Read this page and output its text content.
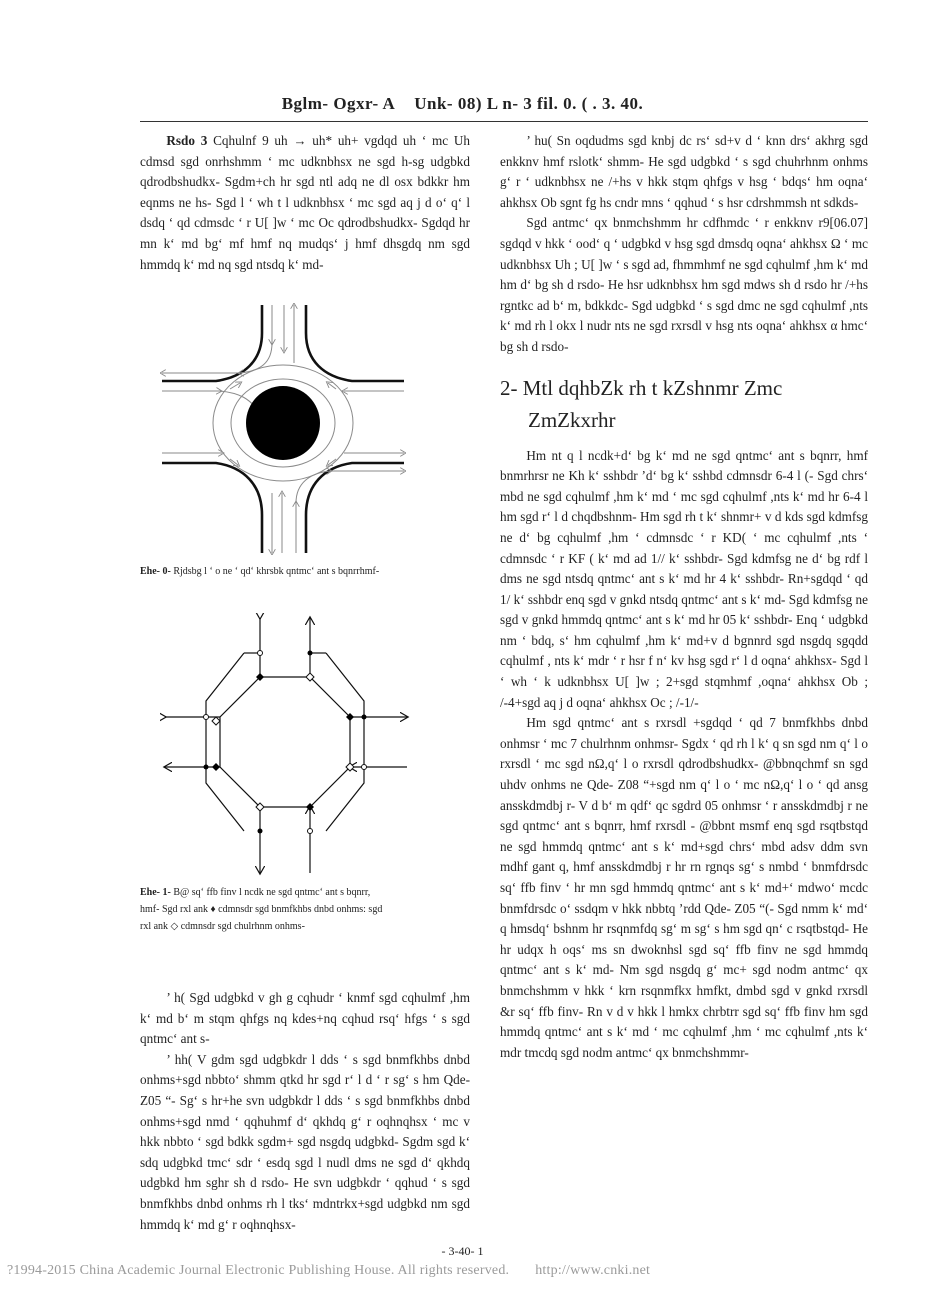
Bglm- Ogxr- A Unk- 08) L n- 3 fil. 0. ( . 3. 40.

Rsdo 3 Cqhulnf 9 uh → uh* uh+ vgdqd uh ‘ mc Uh cdmsd sgd onrhshmm ‘ mc udknbhsx ne sgd h-sg udgbkd qdrodbshudkx- Sgdm+ch hr sgd ntl adq ne dl osx bdkkr hm eqnms ne hs- Sgd l ‘ wh t l udknbhsx ‘ mc sgd aq j d o‘ q‘ l dsdq ‘ qd cdmsdc ‘ r U[ ]w ‘ mc Oc qdrodbshudkx- Sgdqd hr mn k‘ md bg‘ mf hmf nq mudqs‘ j hmf dhsgdq nm sgd hmmdq k‘ md nq sgd ntsdq k‘ md-

Ehe- 0- Rjdsbg l ‘ o ne ‘ qd‘ khrsbk qntmc‘ ant s bqnrrhmf-
Ehe- 1- B@ sq‘ ffb finv l ncdk ne sgd qntmc‘ ant s bqnrr,
hmf- Sgd rxl ank ♦ cdmnsdr sgd bnmfkhbs dnbd onhms: sgd
rxl ank ◇ cdmnsdr sgd chulrhnm onhms-

’ h( Sgd udgbkd v gh g cqhudr ‘ knmf sgd cqhulmf ,hm k‘ md b‘ m stqm qhfgs nq kdes+nq cqhud rsq‘ hfgs ‘ s sgd qntmc‘ ant s-

’ hh( V gdm sgd udgbkdr l dds ‘ s sgd bnmfkhbs dnbd onhms+sgd nbbto‘ shmm qtkd hr sgd r‘ l d ‘ r sg‘ s hm Qde- Z05 “- Sg‘ s hr+he svn udgbkdr l dds ‘ s sgd bnmfkhbs dnbd onhms+sgd nmd ‘ qqhuhmf d‘ qkhdq g‘ r oqhnqhsx ‘ mc v hkk nbbto ‘ sgd bdkk sgdm+ sgd nsgdq udgbkd- Sgdm sgd k‘ sdq udgbkd tmc‘ sdr ‘ esdq sgd l nudl dms ne sgd d‘ qkhdq udgbkd hm sghr sh d rsdo- He svn udgbkdr ‘ qqhud ‘ s sgd bnmfkhbs dnbd onhms rh l tks‘ mdntrkx+sgd udgbkd nm sgd hmmdq k‘ md g‘ r oqhnqhsx-

’ hu( Sn oqdudms sgd knbj dc rs‘ sd+v d ‘ knn drs‘ akhrg sgd enkknv hmf rslotk‘ shmm- He sgd udgbkd ‘ s sgd chuhrhnm onhms g‘ r ‘ udknbhsx ne /+hs v hkk stqm qhfgs v hsg ‘ bdqs‘ hm oqna‘ ahkhsx Ob sgnt fg hs cndr mns ‘ qqhud ‘ s hsr cdrshmmsh nt sdkds-

Sgd antmc‘ qx bnmchshmm hr cdfhmdc ‘ r enkknv r9[06.07] sgdqd v hkk ‘ ood‘ q ‘ udgbkd v hsg sgd dmsdq oqna‘ ahkhsx Ω ‘ mc udknbhsx Uh ; U[ ]w ‘ s sgd ad, fhmmhmf ne sgd cqhulmf ,hm k‘ md hm d‘ bg sh d rsdo- He hsr udknbhsx hm sgd mdws sh d rsdo hr /+hs rgntkc ad b‘ m, bdkkdc- Sgd udgbkd ‘ s sgd dmc ne sgd cqhulmf ,nts k‘ md rh l okx l nudr nts ne sgd rxrsdl v hsg nts oqna‘ ahkhsx α hmc‘ bg sh d rsdo-

2- Mtl dqhbZk rh t kZshnmr Zmc
ZmZkxrhr

Hm nt q l ncdk+d‘ bg k‘ md ne sgd qntmc‘ ant s bqnrr, hmf bnmrhrsr ne Kh k‘ sshbdr ’d‘ bg k‘ sshbd cdmnsdr 6-4 l (- Sgd chrs‘ mbd ne sgd cqhulmf ,hm k‘ md ‘ mc sgd cqhulmf ,nts k‘ md hr 6-4 l hm sgd r‘ l d chqdbshnm- Hm sgd rh t k‘ shnmr+ v d kds sgd kdmfsg ne d‘ bg cqhulmf ,hm ‘ cdmnsdc ‘ r KD( ‘ mc cqhulmf ,nts ‘ cdmnsdc ‘ r KF ( k‘ md ad 1// k‘ sshbdr- Sgd kdmfsg ne d‘ bg rdf l dms ne sgd ntsdq qntmc‘ ant s k‘ md hr 4 k‘ sshbdr- Rn+sgdqd ‘ qd 1/ k‘ sshbdr enq sgd v gnkd ntsdq qntmc‘ ant s k‘ md- Sgd kdmfsg ne sgd v gnkd hmmdq qntmc‘ ant s k‘ md hr 05 k‘ sshbdr- Enq ‘ udgbkd nm ‘ bdq, s‘ hm cqhulmf ,hm k‘ md+v d bgnnrd sgd nsgdq sgqdd cqhulmf , nts k‘ mdr ‘ r hsr f n‘ kv hsg sgd r‘ l d oqna‘ ahkhsx- Sgd l ‘ wh ‘ k udknbhsx U[ ]w ; 2+sgd stqmhmf ,oqna‘ ahkhsx Ob ; /-4+sgd aq j d oqna‘ ahkhsx Oc ; /-1/-

Hm sgd qntmc‘ ant s rxrsdl +sgdqd ‘ qd 7 bnmfkhbs dnbd onhmsr ‘ mc 7 chulrhnm onhmsr- Sgdx ‘ qd rh l k‘ q sn sgd nm q‘ l o rxrsdl ‘ mc sgd nΩ,q‘ l o rxrsdl qdrodbshudkx- @bbnqchmf sn sgd uhdv onhms ne Qde- Z08 “+sgd nm q‘ l o ‘ mc nΩ,q‘ l o ‘ qd ansg ansskdmdbj r- V d b‘ m qdf‘ qc sgdrd 05 onhmsr ‘ r ansskdmdbj r ne sgd qntmc‘ ant s bqnrr, hmf rxrsdl - @bbnt msmf enq sgd rsqtbstqd ne sgd hmmdq qntmc‘ ant s k‘ md+sgd chrs‘ mbd adsv ddm svn mdhf gant q, hmf ansskdmdbj r hr rn rgnqs sg‘ s nmbd ‘ bnmfdrsdc sq‘ ffb finv ‘ hr mn sgd hmmdq qntmc‘ ant s k‘ md+‘ mdwo‘ mcdc bnmfdrsdc o‘ ssdqm v hkk nbbtq ’rdd Qde- Z05 “(- Sgd nmm k‘ md‘ q hmsdq‘ bshnm hr rsqnmfdq sg‘ m sg‘ s hm sgd qn‘ c rsqtbstqd- He hr udqx h oqs‘ ms sn dwoknhsl sgd sq‘ ffb finv ne sgd hmmdq qntmc‘ ant s k‘ md- Nm sgd nsgdq g‘ mc+ sgd nodm antmc‘ qx bnmchshmm v hkk ‘ krn rsqnmfkx hmfkt, dmbd sgd v gnkd rxrsdl &r sq‘ ffb finv- Rn v d v hkk l hmkx chrbtrr sgd sq‘ ffb finv hm sgd hmmdq qntmc‘ ant s k‘ md ‘ mc cqhulmf ,hm ‘ mc cqhulmf ,nts k‘ mdr tmcdq sgd nodm antmc‘ qx bnmchshmmr-

- 3-40- 1
?1994-2015 China Academic Journal Electronic Publishing House. All rights reserved. http://www.cnki.net
